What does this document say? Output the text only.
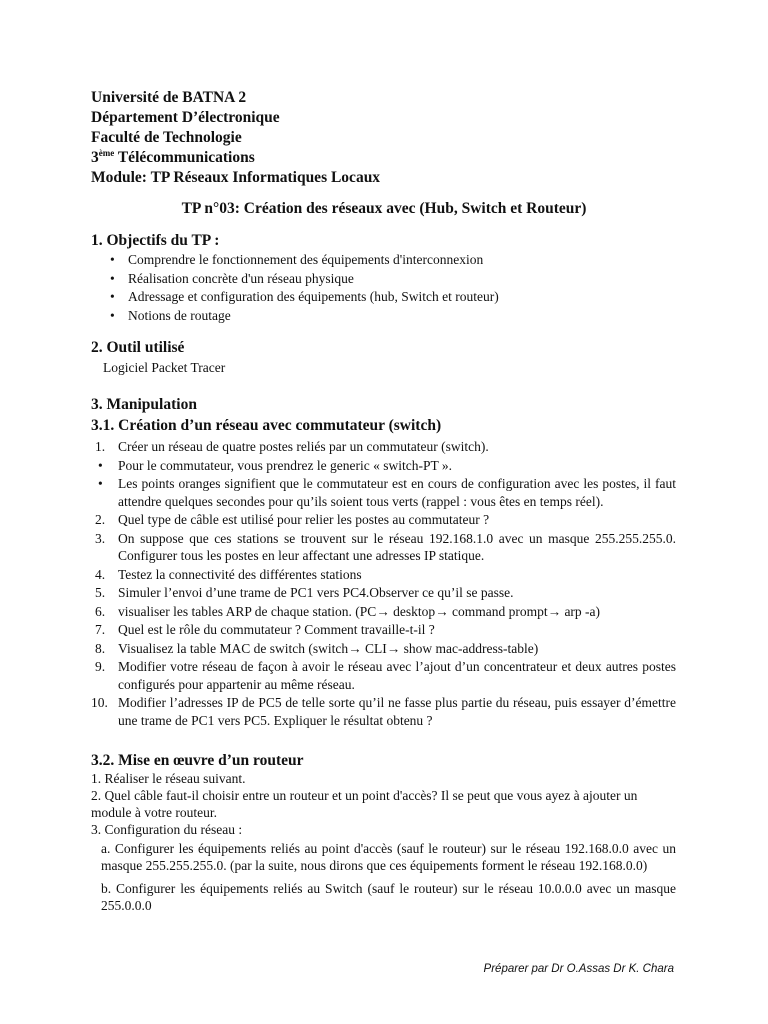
Université de BATNA 2
Département D’électronique
Faculté de Technologie
3ème Télécommunications
Module: TP Réseaux Informatiques Locaux
TP n°03: Création des réseaux avec (Hub, Switch et Routeur)
1. Objectifs du TP :
• Comprendre le fonctionnement des équipements d'interconnexion
• Réalisation concrète d'un réseau physique
• Adressage et configuration des équipements (hub, Switch et routeur)
• Notions de routage
2. Outil utilisé
Logiciel Packet Tracer
3. Manipulation
3.1. Création d’un réseau avec commutateur (switch)
1. Créer un réseau de quatre postes reliés par un commutateur (switch).
• Pour le commutateur, vous prendrez le generic « switch-PT ».
• Les points oranges signifient que le commutateur est en cours de configuration avec les postes, il faut attendre quelques secondes pour qu’ils soient tous verts (rappel : vous êtes en temps réel).
2. Quel type de câble est utilisé pour relier les postes au commutateur ?
3. On suppose que ces stations se trouvent sur le réseau 192.168.1.0 avec un masque 255.255.255.0. Configurer tous les postes en leur affectant une adresses IP statique.
4. Testez la connectivité des différentes stations
5. Simuler l’envoi d’une trame de PC1 vers PC4.Observer ce qu’il se passe.
6. visualiser les tables ARP de chaque station. (PC→ desktop→ command prompt→ arp -a)
7. Quel est le rôle du commutateur ? Comment travaille-t-il ?
8. Visualisez la table MAC de switch (switch→ CLI→ show mac-address-table)
9. Modifier votre réseau de façon à avoir le réseau avec l’ajout d’un concentrateur et deux autres postes configurés pour appartenir au même réseau.
10. Modifier l’adresses IP de PC5 de telle sorte qu’il ne fasse plus partie du réseau, puis essayer d’émettre une trame de PC1 vers PC5. Expliquer le résultat obtenu ?
3.2. Mise en œuvre d’un routeur

1. Réaliser le réseau suivant.

2. Quel câble faut-il choisir entre un routeur et un point d'accès? Il se peut que vous ayez à ajouter un module à votre routeur.

3. Configuration du réseau :

a. Configurer les équipements reliés au point d'accès (sauf le routeur) sur le réseau 192.168.0.0 avec un masque 255.255.255.0. (par la suite, nous dirons que ces équipements forment le réseau 192.168.0.0)

b. Configurer les équipements reliés au Switch (sauf le routeur) sur le réseau 10.0.0.0 avec un masque 255.0.0.0

Préparer par Dr O.Assas Dr K. Chara
